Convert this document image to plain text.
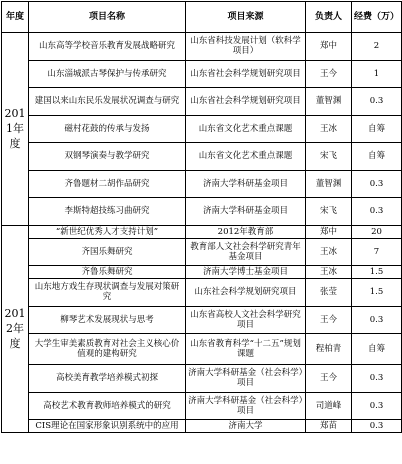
年度	项目名称	项目来源	负责人	经费（万）
2011年度	山东高等学校音乐教育发展战略研究	山东省科技发展计划（软科学项目）	郑中	2
	山东淄城派古琴保护与传承研究	山东省社会科学规划研究项目	王今	1
	建国以来山东民乐发展状况调查与研究	山东省社会科学规划研究项目	董智渊	0.3
	磁村花鼓的传承与发扬	山东省文化艺术重点课题	王冰	自筹
	双钢琴演奏与教学研究	山东省文化艺术重点课题	宋飞	自筹
	齐鲁题材二胡作品研究	济南大学科研基金项目	董智渊	0.3
	李斯特超技练习曲研究	济南大学科研基金项目	宋飞	0.3
2012年度	“新世纪优秀人才支持计划”	2012年教育部	郑中	20
	齐国乐舞研究	教育部人文社会科学研究青年基金项目	王冰	7
	齐鲁乐舞研究	济南大学博士基金项目	王冰	1.5
	山东地方戏生存现状调查与发展对策研究	山东社会科学规划研究项目	张莹	1.5
	柳琴艺术发展现状与思考	山东省高校人文社会科学研究项目	王今	0.3
	大学生审美素质教育对社会主义核心价值观的建构研究	山东省教育科学“十二五”规划课题	程柏青	自筹
	高校美育教学培养模式初探	济南大学科研基金（社会科学）项目	王今	0.3
	高校艺术教育教师培养模式的研究	济南大学科研基金（社会科学）项目	司道峰	0.3
	CIS理论在国家形象识别系统中的应用	济南大学	郑苗	0.3
